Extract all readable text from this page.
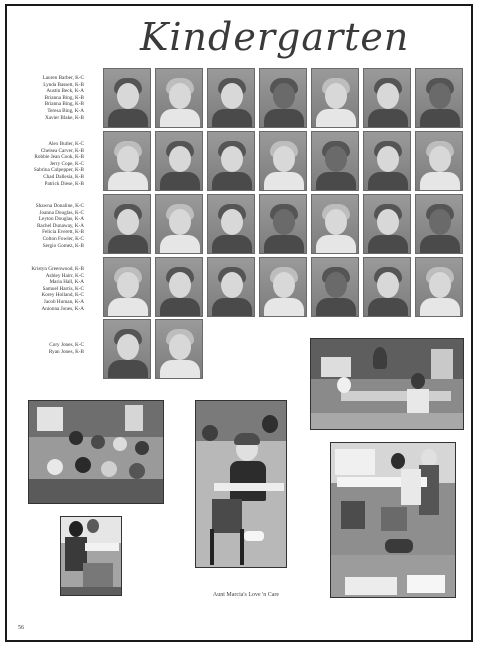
Kindergarten
Lauren Barber, K-C
Lynda Bassett, K-B
Austin Beck, K-A
Brianna Bing, K-B
Brianna Bing, K-B
Teresa Bing, K-A
Xavier Blake, K-B
Alex Butler, K-C
Chelsea Carver, K-B
Robbie Jean Cook, K-B
Jerry Cope, K-C
Sabrina Culpepper, K-B
Chad Dallesia, K-B
Patrick Diese, K-B
Shawna Donaline, K-C
Joanna Douglas, K-C
Leyton Douglas, K-A
Rachel Dunaway, K-A
Felicia Everett, K-B
Colton Fowler, K-C
Sergio Gomez, K-B
Kristyn Greenwood, K-B
Ashley Hairr, K-C
Maria Hall, K-A
Samuel Harris, K-C
Korey Holland, K-C
Jacob Human, K-A
Anionna Jones, K-A
Cory Jones, K-C
Ryan Jones, K-B
Aunt Marcia's Love 'n Care
56
